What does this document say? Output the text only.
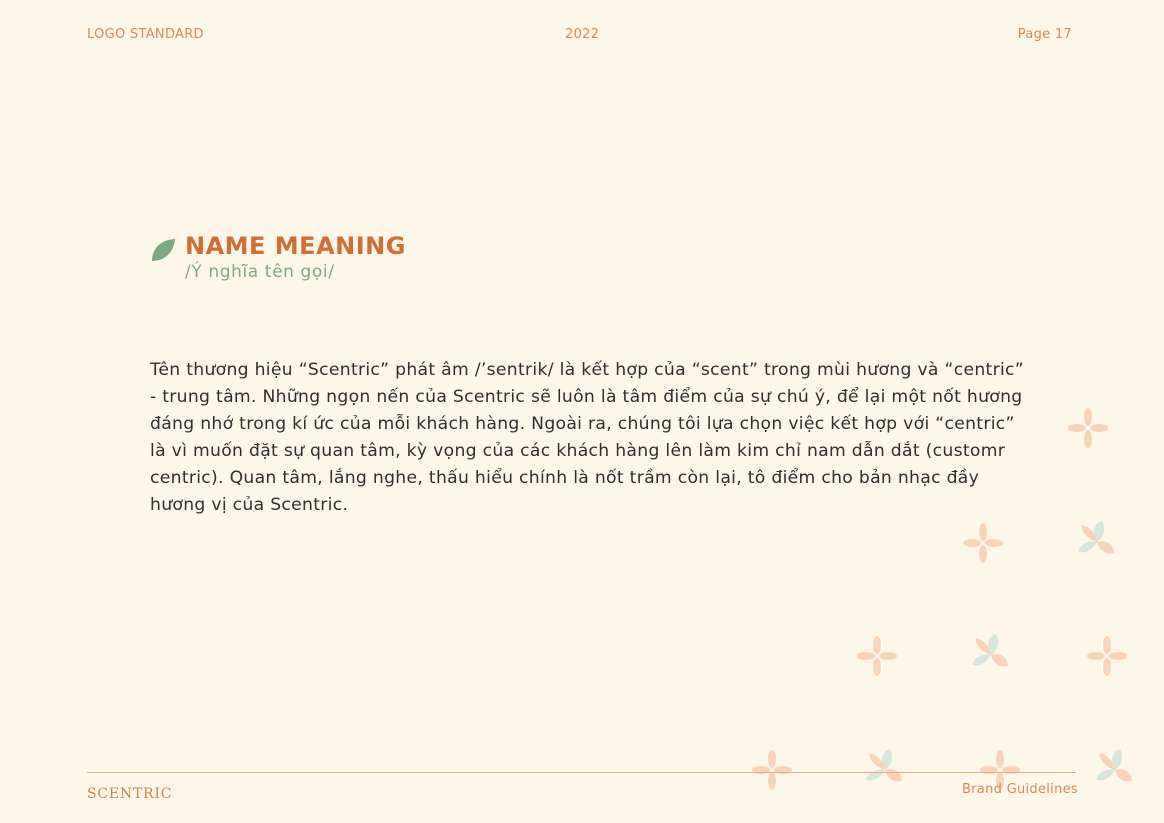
LOGO STANDARD	2022	Page 17
NAME MEANING
/Ý nghĩa tên gọi/

Tên thương hiệu “Scentric” phát âm /’sentrik/ là kết hợp của “scent” trong mùi hương và “centric” - trung tâm. Những ngọn nến của Scentric sẽ luôn là tâm điểm của sự chú ý, để lại một nốt hương đáng nhớ trong kí ức của mỗi khách hàng. Ngoài ra, chúng tôi lựa chọn việc kết hợp với “centric” là vì muốn đặt sự quan tâm, kỳ vọng của các khách hàng lên làm kim chỉ nam dẫn dắt (customr centric). Quan tâm, lắng nghe, thấu hiểu chính là nốt trầm còn lại, tô điểm cho bản nhạc đầy hương vị của Scentric.

SCENTRIC	Brand Guidelines
